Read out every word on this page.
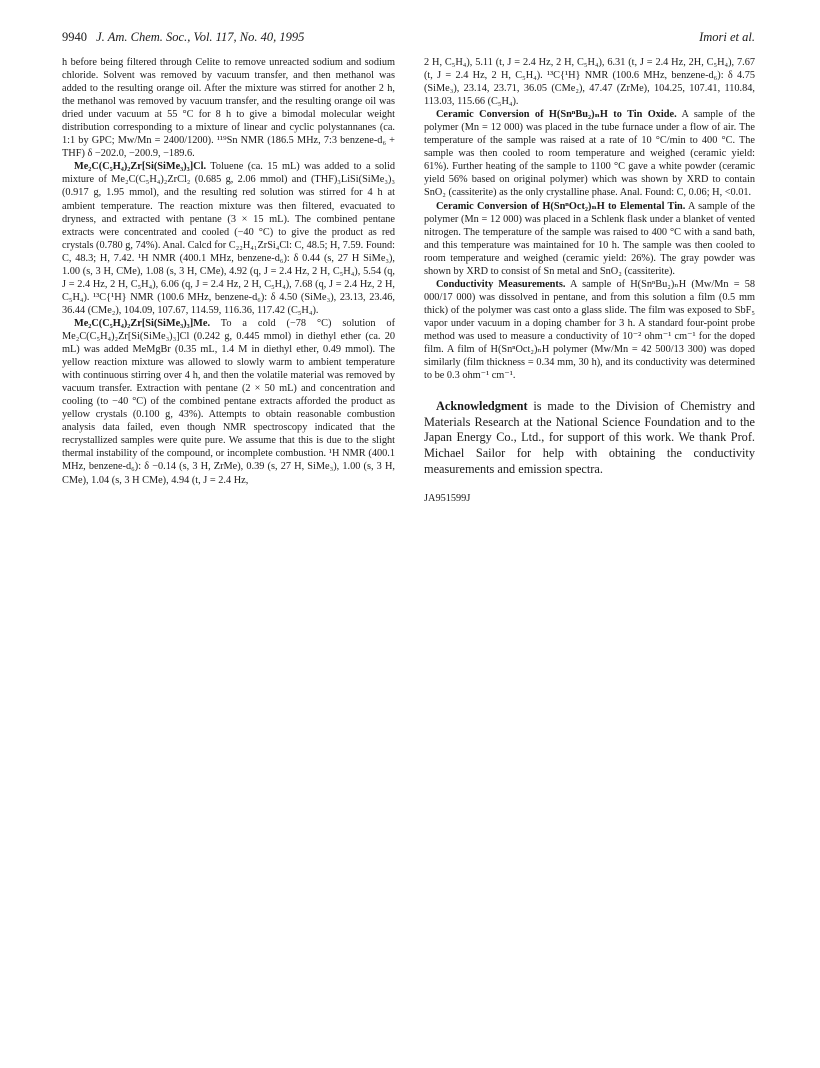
9940 J. Am. Chem. Soc., Vol. 117, No. 40, 1995	Imori et al.

h before being filtered through Celite to remove unreacted sodium and sodium chloride. Solvent was removed by vacuum transfer, and then methanol was added to the resulting orange oil. After the mixture was stirred for another 2 h, the methanol was removed by vacuum transfer, and the resulting orange oil was dried under vacuum at 55 °C for 8 h to give a bimodal molecular weight distribution corresponding to a mixture of linear and cyclic polystannanes (ca. 1:1 by GPC; Mw/Mn = 2400/1200). ¹¹⁹Sn NMR (186.5 MHz, 7:3 benzene-d₆ + THF) δ −202.0, −200.9, −189.6.

Me₂C(C₅H₄)₂Zr[Si(SiMe₃)₃]Cl. Toluene (ca. 15 mL) was added to a solid mixture of Me₂C(C₅H₄)₂ZrCl₂ (0.685 g, 2.06 mmol) and (THF)₃LiSi(SiMe₃)₃ (0.917 g, 1.95 mmol), and the resulting red solution was stirred for 4 h at ambient temperature. The reaction mixture was then filtered, evacuated to dryness, and extracted with pentane (3 × 15 mL). The combined pentane extracts were concentrated and cooled (−40 °C) to give the product as red crystals (0.780 g, 74%). Anal. Calcd for C₂₂H₄₁ZrSi₄Cl: C, 48.5; H, 7.59. Found: C, 48.3; H, 7.42. ¹H NMR (400.1 MHz, benzene-d₆): δ 0.44 (s, 27 H SiMe₃), 1.00 (s, 3 H, CMe), 1.08 (s, 3 H, CMe), 4.92 (q, J = 2.4 Hz, 2 H, C₅H₄), 5.54 (q, J = 2.4 Hz, 2 H, C₅H₄), 6.06 (q, J = 2.4 Hz, 2 H, C₅H₄), 7.68 (q, J = 2.4 Hz, 2 H, C₅H₄). ¹³C{¹H} NMR (100.6 MHz, benzene-d₆): δ 4.50 (SiMe₃), 23.13, 23.46, 36.44 (CMe₂), 104.09, 107.67, 114.59, 116.36, 117.42 (C₅H₄).

Me₂C(C₅H₄)₂Zr[Si(SiMe₃)₃]Me. To a cold (−78 °C) solution of Me₂C(C₅H₄)₂Zr[Si(SiMe₃)₃]Cl (0.242 g, 0.445 mmol) in diethyl ether (ca. 20 mL) was added MeMgBr (0.35 mL, 1.4 M in diethyl ether, 0.49 mmol). The yellow reaction mixture was allowed to slowly warm to ambient temperature with continuous stirring over 4 h, and then the volatile material was removed by vacuum transfer. Extraction with pentane (2 × 50 mL) and concentration and cooling (to −40 °C) of the combined pentane extracts afforded the product as yellow crystals (0.100 g, 43%). Attempts to obtain reasonable combustion analysis data failed, even though NMR spectroscopy indicated that the recrystallized samples were quite pure. We assume that this is due to the slight thermal instability of the compound, or incomplete combustion. ¹H NMR (400.1 MHz, benzene-d₆): δ −0.14 (s, 3 H, ZrMe), 0.39 (s, 27 H, SiMe₃), 1.00 (s, 3 H, CMe), 1.04 (s, 3 H CMe), 4.94 (t, J = 2.4 Hz,

2 H, C₅H₄), 5.11 (t, J = 2.4 Hz, 2 H, C₅H₄), 6.31 (t, J = 2.4 Hz, 2H, C₅H₄), 7.67 (t, J = 2.4 Hz, 2 H, C₅H₄). ¹³C{¹H} NMR (100.6 MHz, benzene-d₆): δ 4.75 (SiMe₃), 23.14, 23.71, 36.05 (CMe₂), 47.47 (ZrMe), 104.25, 107.41, 110.84, 113.03, 115.66 (C₅H₄).

Ceramic Conversion of H(SnⁿBu₂)ₙH to Tin Oxide. A sample of the polymer (Mn = 12 000) was placed in the tube furnace under a flow of air. The temperature of the sample was raised at a rate of 10 °C/min to 400 °C. The sample was then cooled to room temperature and weighed (ceramic yield: 61%). Further heating of the sample to 1100 °C gave a white powder (ceramic yield 56% based on original polymer) which was shown by XRD to contain SnO₂ (cassiterite) as the only crystalline phase. Anal. Found: C, 0.06; H, <0.01.

Ceramic Conversion of H(SnⁿOct₂)ₙH to Elemental Tin. A sample of the polymer (Mn = 12 000) was placed in a Schlenk flask under a blanket of vented nitrogen. The temperature of the sample was raised to 400 °C with a sand bath, and this temperature was maintained for 10 h. The sample was then cooled to room temperature and weighed (ceramic yield: 26%). The gray powder was shown by XRD to consist of Sn metal and SnO₂ (cassiterite).

Conductivity Measurements. A sample of H(SnⁿBu₂)ₙH (Mw/Mn = 58 000/17 000) was dissolved in pentane, and from this solution a film (0.5 mm thick) of the polymer was cast onto a glass slide. The film was exposed to SbF₅ vapor under vacuum in a doping chamber for 3 h. A standard four-point probe method was used to measure a conductivity of 10⁻² ohm⁻¹ cm⁻¹ for the doped film. A film of H(SnⁿOct₂)ₙH polymer (Mw/Mn = 42 500/13 300) was doped similarly (film thickness = 0.34 mm, 30 h), and its conductivity was determined to be 0.3 ohm⁻¹ cm⁻¹.

Acknowledgment is made to the Division of Chemistry and Materials Research at the National Science Foundation and to the Japan Energy Co., Ltd., for support of this work. We thank Prof. Michael Sailor for help with obtaining the conductivity measurements and emission spectra.

JA951599J
